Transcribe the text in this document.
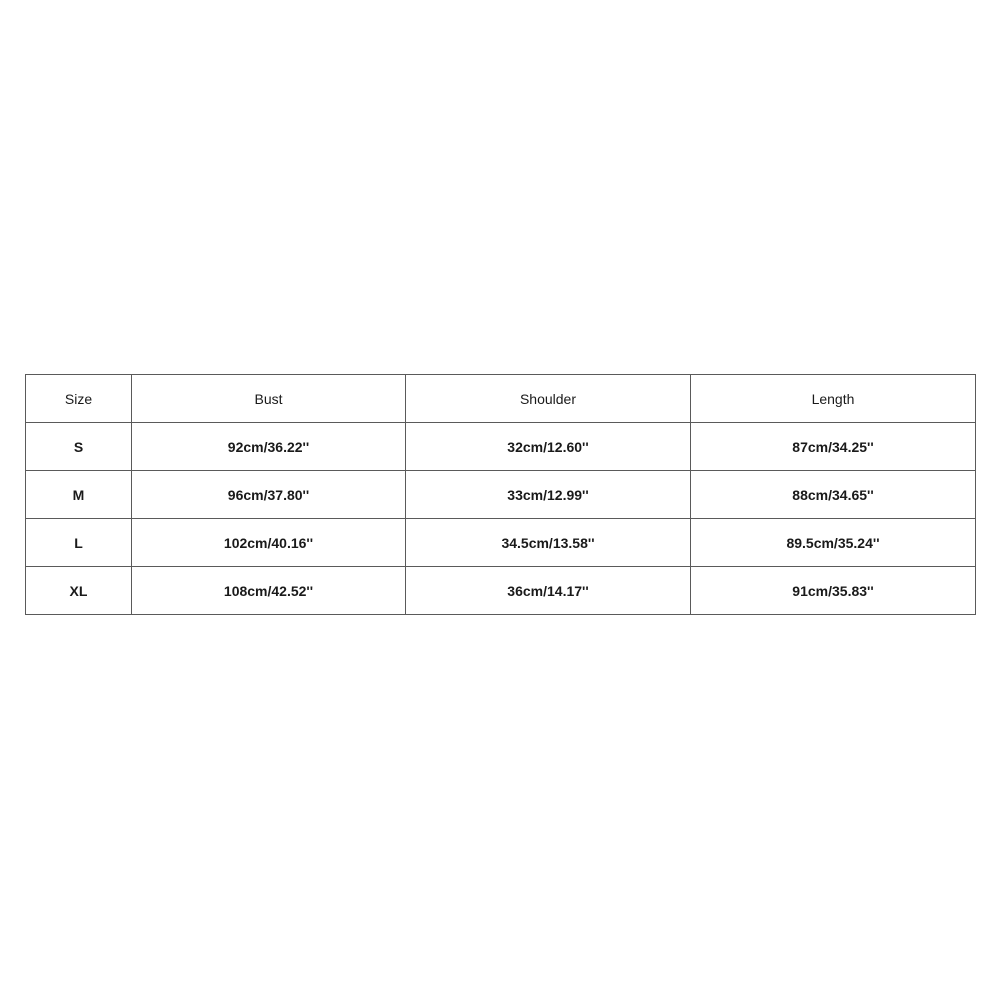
Size	Bust	Shoulder	Length
S	92cm/36.22''	32cm/12.60''	87cm/34.25''
M	96cm/37.80''	33cm/12.99''	88cm/34.65''
L	102cm/40.16''	34.5cm/13.58''	89.5cm/35.24''
XL	108cm/42.52''	36cm/14.17''	91cm/35.83''
